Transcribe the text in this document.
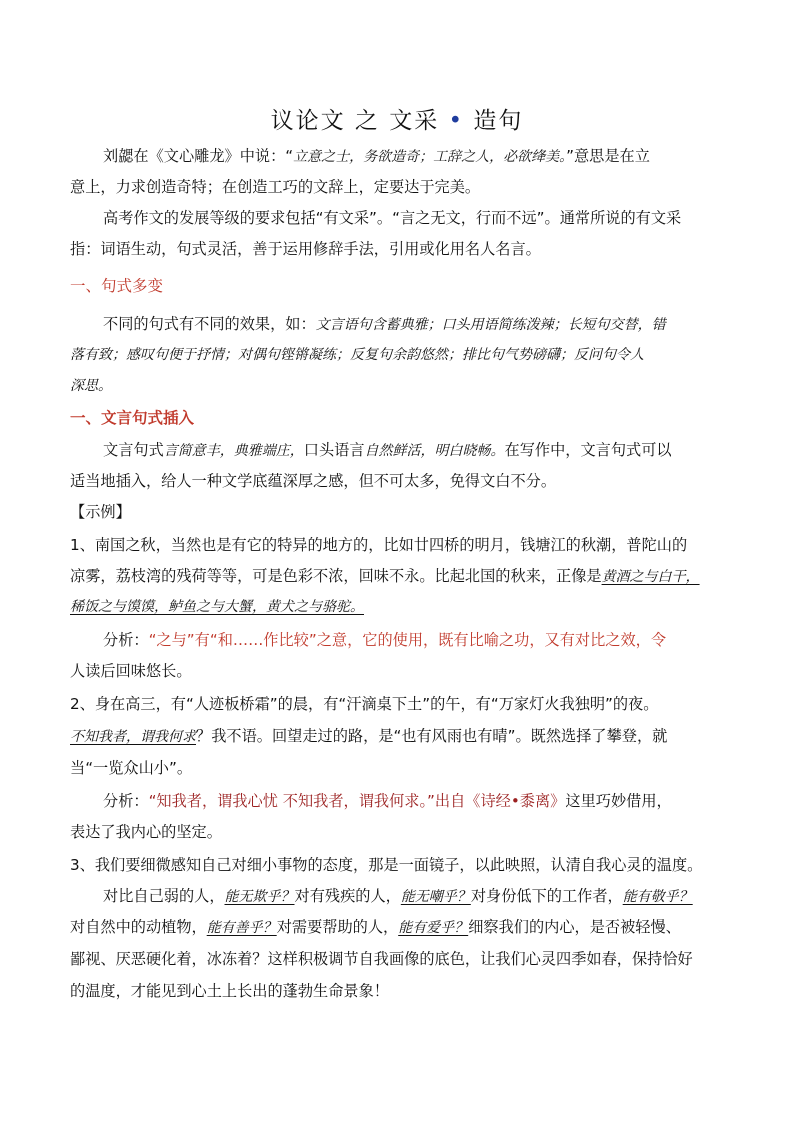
议论文 之 文采 • 造句
刘勰在《文心雕龙》中说：“立意之士，务欲造奇；工辞之人，必欲绛美。”意思是在立
意上，力求创造奇特；在创造工巧的文辞上，定要达于完美。
高考作文的发展等级的要求包括“有文采”。“言之无文，行而不远”。通常所说的有文采
指：词语生动，句式灵活，善于运用修辞手法，引用或化用名人名言。
一、句式多变
不同的句式有不同的效果，如：文言语句含蓄典雅；口头用语简练泼辣；长短句交替，错
落有致；感叹句便于抒情；对偶句铿锵凝练；反复句余韵悠然；排比句气势磅礴；反问句令人
深思。
一、文言句式插入
文言句式言简意丰，典雅端庄，口头语言自然鲜活，明白晓畅。在写作中，文言句式可以
适当地插入，给人一种文学底蕴深厚之感，但不可太多，免得文白不分。
【示例】
1、南国之秋，当然也是有它的特异的地方的，比如廿四桥的明月，钱塘江的秋潮，普陀山的
凉雾，荔枝湾的残荷等等，可是色彩不浓，回味不永。比起北国的秋来，正像是黄酒之与白干，
稀饭之与馍馍，鲈鱼之与大蟹，黄犬之与骆驼。
分析：“之与”有“和……作比较”之意，它的使用，既有比喻之功，又有对比之效，令
人读后回味悠长。
2、身在高三，有“人迹板桥霜”的晨，有“汗滴桌下土”的午，有“万家灯火我独明”的夜。
不知我者，谓我何求？我不语。回望走过的路，是“也有风雨也有晴”。既然选择了攀登，就
当“一览众山小”。
分析：“知我者，谓我心忧 不知我者，谓我何求。”出自《诗经•黍离》这里巧妙借用，
表达了我内心的坚定。
3、我们要细微感知自己对细小事物的态度，那是一面镜子，以此映照，认清自我心灵的温度。
对比自己弱的人，能无欺乎？对有残疾的人，能无嘲乎？对身份低下的工作者，能有敬乎？
对自然中的动植物，能有善乎？对需要帮助的人，能有爱乎？细察我们的内心，是否被轻慢、
鄙视、厌恶硬化着，冰冻着？这样积极调节自我画像的底色，让我们心灵四季如春，保持恰好
的温度，才能见到心土上长出的蓬勃生命景象！
